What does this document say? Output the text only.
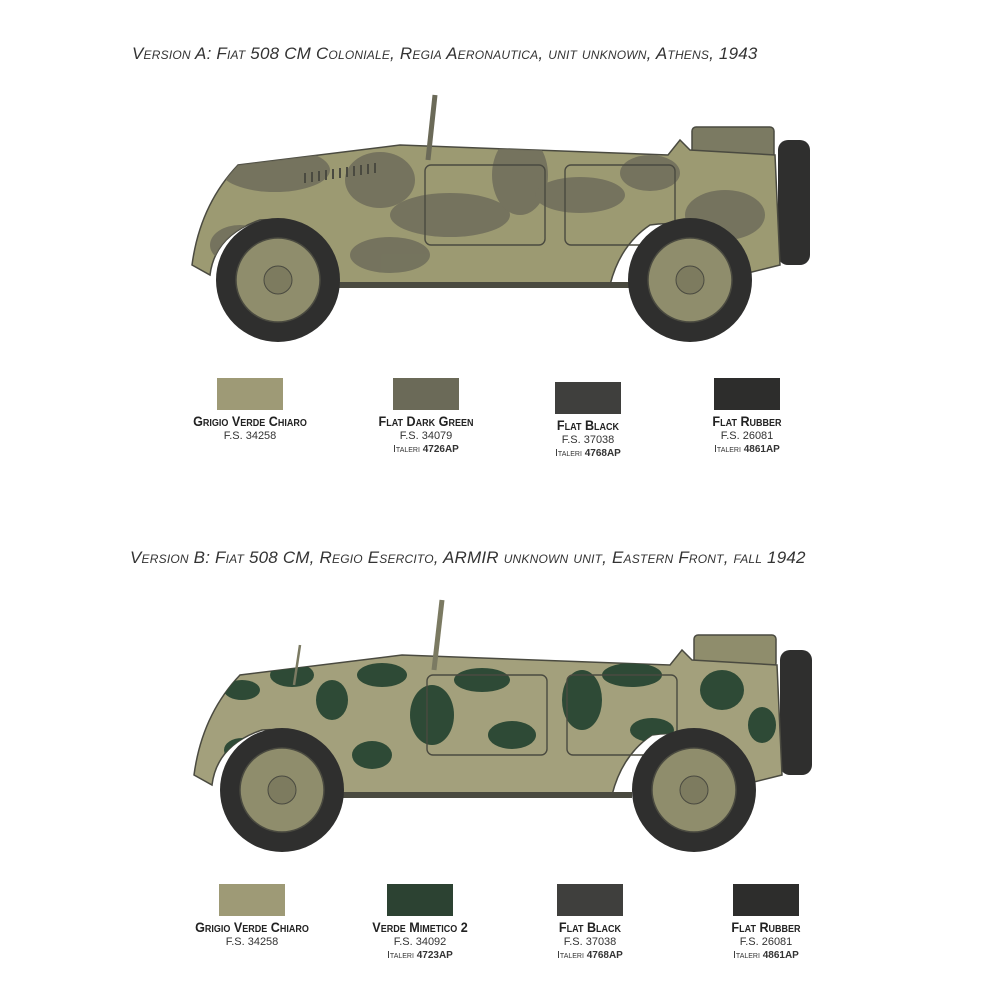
Version A: Fiat 508 CM Coloniale, Regia Aeronautica, unit unknown, Athens, 1943
Grigio Verde Chiaro
F.S. 34258
Flat Dark Green
F.S. 34079
Italeri 4726AP
Flat Black
F.S. 37038
Italeri 4768AP
Flat Rubber
F.S. 26081
Italeri 4861AP
Version B: Fiat 508 CM, Regio Esercito, ARMIR unknown unit, Eastern Front, fall 1942
Grigio Verde Chiaro
F.S. 34258
Verde Mimetico 2
F.S. 34092
Italeri 4723AP
Flat Black
F.S. 37038
Italeri 4768AP
Flat Rubber
F.S. 26081
Italeri 4861AP
